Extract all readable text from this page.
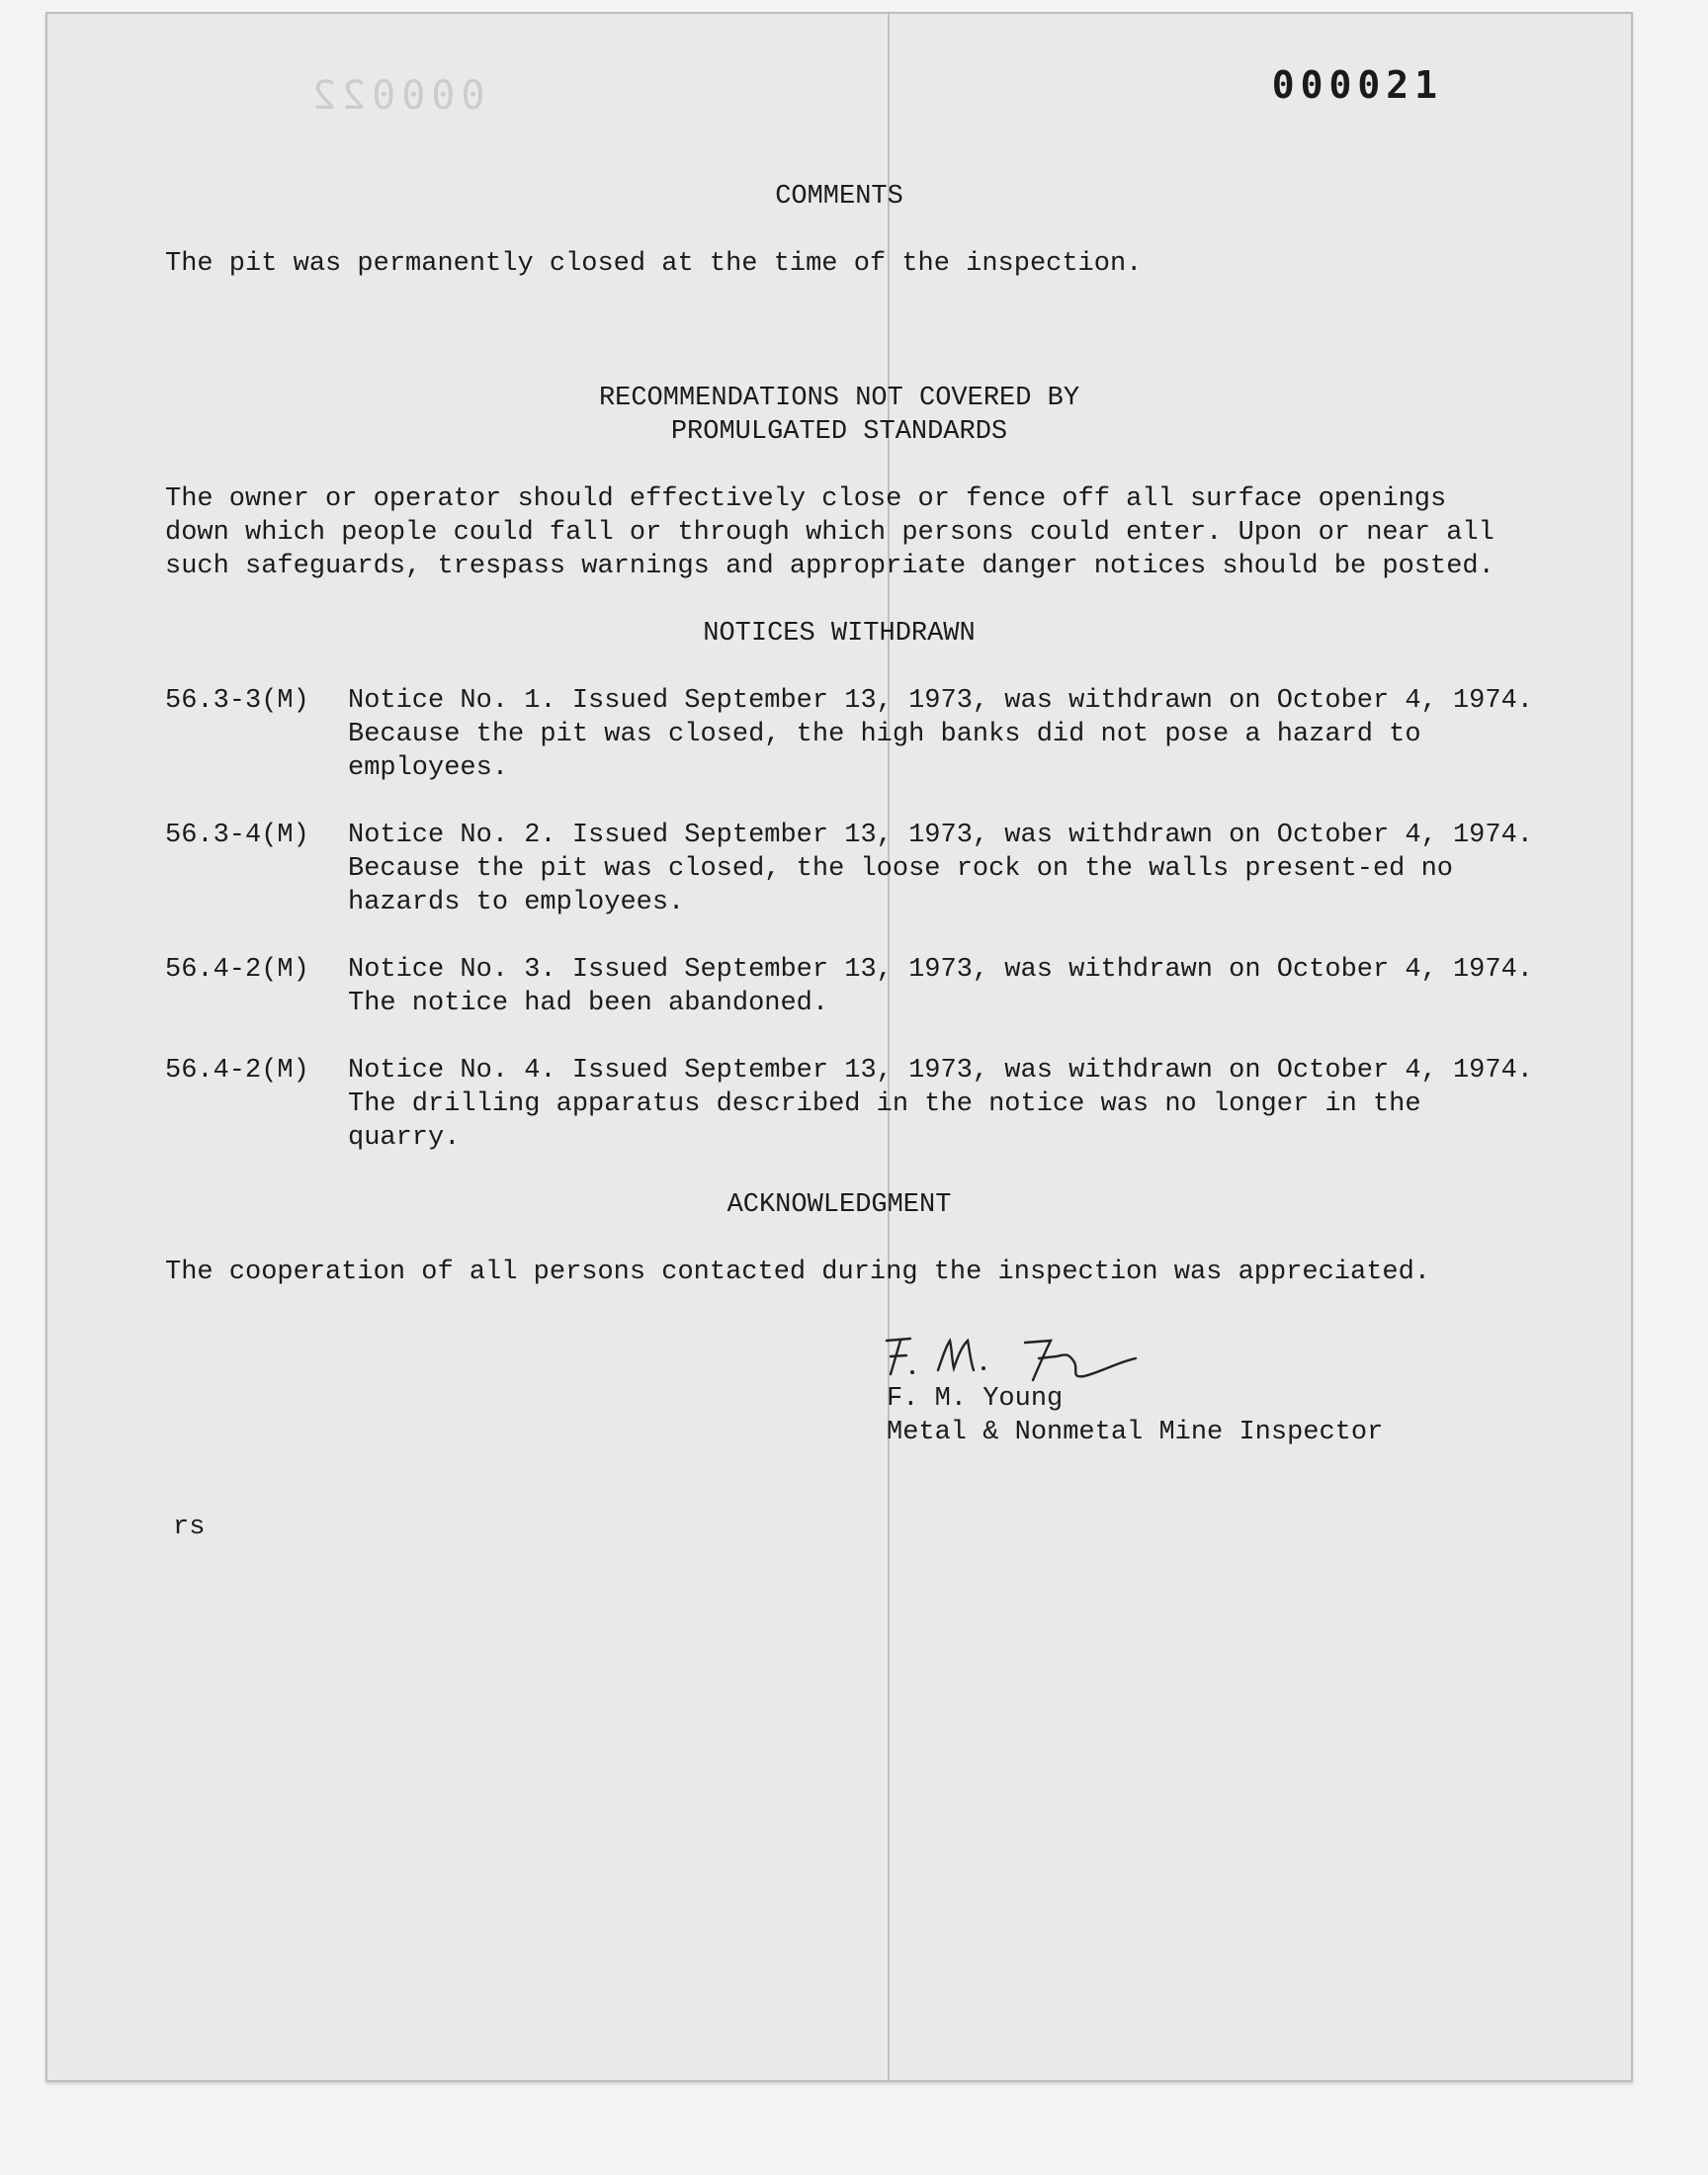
000022	000021

COMMENTS

The pit was permanently closed at the time of the inspection.

RECOMMENDATIONS NOT COVERED BY

PROMULGATED STANDARDS

The owner or operator should effectively close or fence off all surface openings down which people could fall or through which persons could enter. Upon or near all such safeguards, trespass warnings and appropriate danger notices should be posted.

NOTICES WITHDRAWN

56.3-3(M)	Notice No. 1. Issued September 13, 1973, was withdrawn on October 4, 1974. Because the pit was closed, the high banks did not pose a hazard to employees.
56.3-4(M)	Notice No. 2. Issued September 13, 1973, was withdrawn on October 4, 1974. Because the pit was closed, the loose rock on the walls present-ed no hazards to employees.
56.4-2(M)	Notice No. 3. Issued September 13, 1973, was withdrawn on October 4, 1974. The notice had been abandoned.
56.4-2(M)	Notice No. 4. Issued September 13, 1973, was withdrawn on October 4, 1974. The drilling apparatus described in the notice was no longer in the quarry.

ACKNOWLEDGMENT

The cooperation of all persons contacted during the inspection was appreciated.

F. M. Young
Metal & Nonmetal Mine Inspector

rs
